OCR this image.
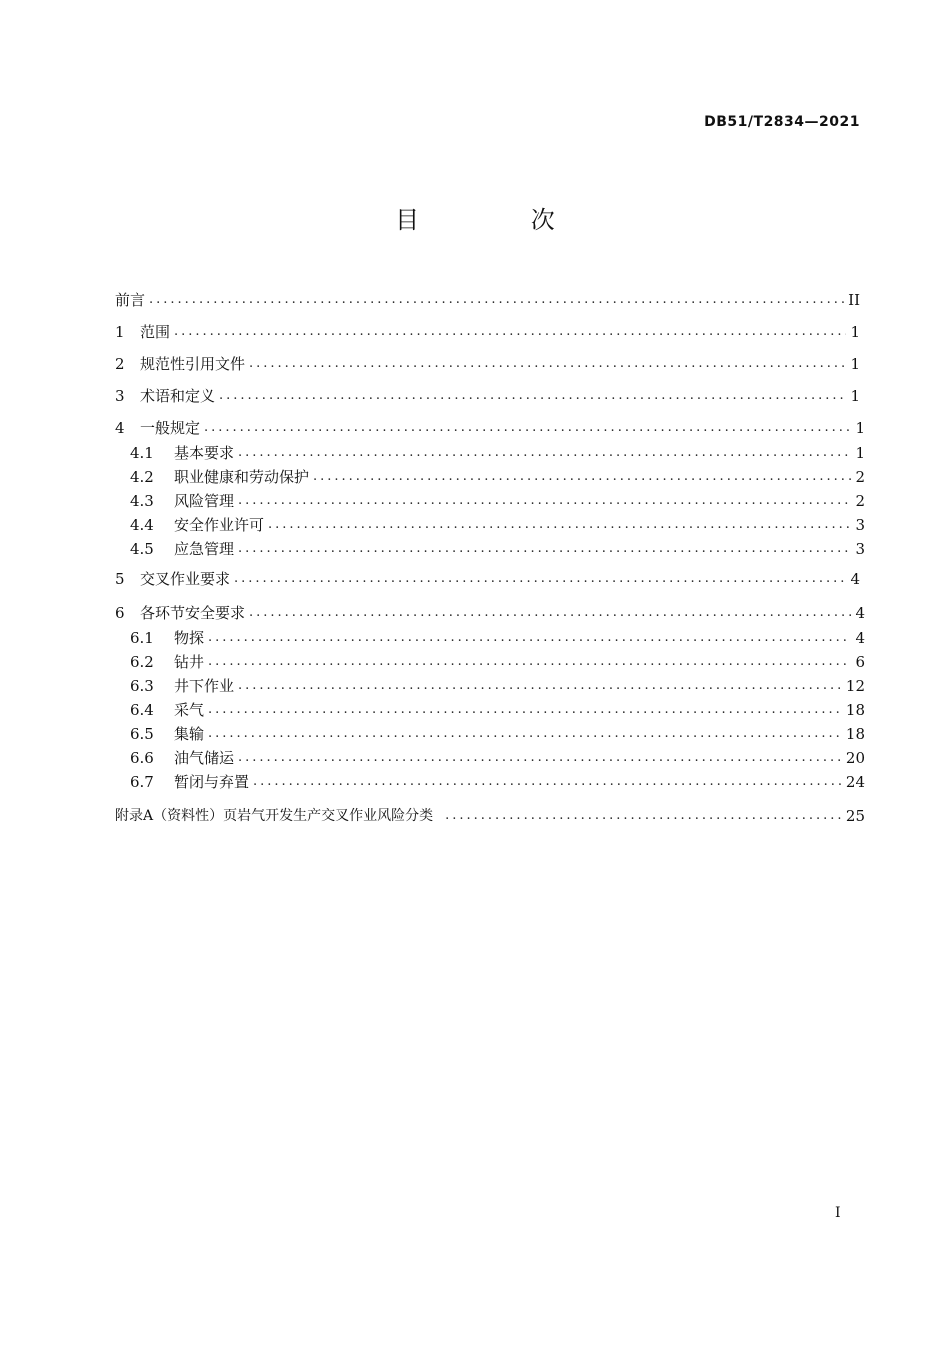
DB51/T2834—2021
目 次
前言 .....	II
1	范围 .....	1
2	规范性引用文件 .....	1
3	术语和定义 .....	1
4	一般规定 .....	1
4.1	基本要求 .....	1
4.2	职业健康和劳动保护 .....	2
4.3	风险管理 .....	2
4.4	安全作业许可 .....	3
4.5	应急管理 .....	3
5	交叉作业要求 .....	4
6	各环节安全要求 .....	4
6.1	物探 .....	4
6.2	钻井 .....	6
6.3	井下作业 .....	12
6.4	采气 .....	18
6.5	集输 .....	18
6.6	油气储运 .....	20
6.7	暂闭与弃置 .....	24
附录A（资料性）页岩气开发生产交叉作业风险分类 .....	25
I
